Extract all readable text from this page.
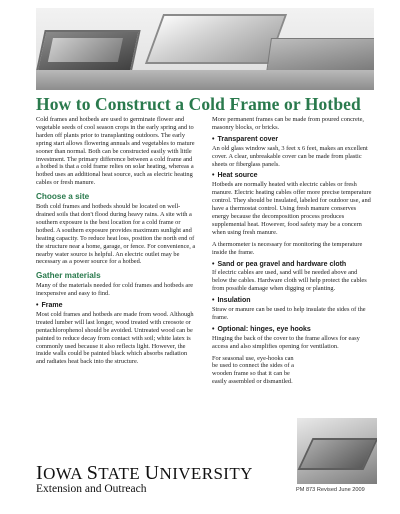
How to Construct a Cold Frame or Hotbed

Cold frames and hotbeds are used to germinate flower and vegetable seeds of cool season crops in the early spring and to harden off plants prior to transplanting outdoors. The early spring start allows flowering annuals and vegetables to mature sooner than normal. Both can be constructed easily with little investment. The primary difference between a cold frame and a hotbed is that a cold frame relies on solar heating, whereas a hotbed uses an additional heat source, such as electric heating cables or fresh manure.

Choose a site

Both cold frames and hotbeds should be located on well-drained soils that don't flood during heavy rains. A site with a southern exposure is the best location for a cold frame or hotbed. A southern exposure provides maximum sunlight and heating capacity. To reduce heat loss, position the north end of the structure near a home, garage, or fence. For convenience, a nearby water source is helpful. An electric outlet may be necessary as a power source for a hotbed.

Gather materials

Many of the materials needed for cold frames and hotbeds are inexpensive and easy to find.

• Frame

Most cold frames and hotbeds are made from wood. Although treated lumber will last longer, wood treated with creosote or pentachlorophenol should be avoided. Untreated wood can be painted to reduce decay from contact with soil; white latex is commonly used because it also reflects light. However, the inside walls could be painted black which absorbs radiation and radiates heat back into the structure.

More permanent frames can be made from poured concrete, masonry blocks, or bricks.

• Transparent cover

An old glass window sash, 3 feet x 6 feet, makes an excellent cover. A clear, unbreakable cover can be made from plastic sheets or fiberglass panels.

• Heat source

Hotbeds are normally heated with electric cables or fresh manure. Electric heating cables offer more precise temperature control. They should be insulated, labeled for outdoor use, and have a thermostat control. Using fresh manure conserves energy because the decomposition process produces supplemental heat. However, food safety may be a concern when using fresh manure.

A thermometer is necessary for monitoring the temperature inside the frame.

• Sand or pea gravel and hardware cloth

If electric cables are used, sand will be needed above and below the cables. Hardware cloth will help protect the cables from possible damage when digging or planting.

• Insulation

Straw or manure can be used to help insulate the sides of the frame.

• Optional: hinges, eye hooks

Hinging the back of the cover to the frame allows for easy access and also simplifies opening for ventilation.

For seasonal use, eye-hooks can be used to connect the sides of a wooden frame so that it can be easily assembled or dismantled.

IOWA STATE UNIVERSITY
Extension and Outreach	PM 873 Revised June 2009
